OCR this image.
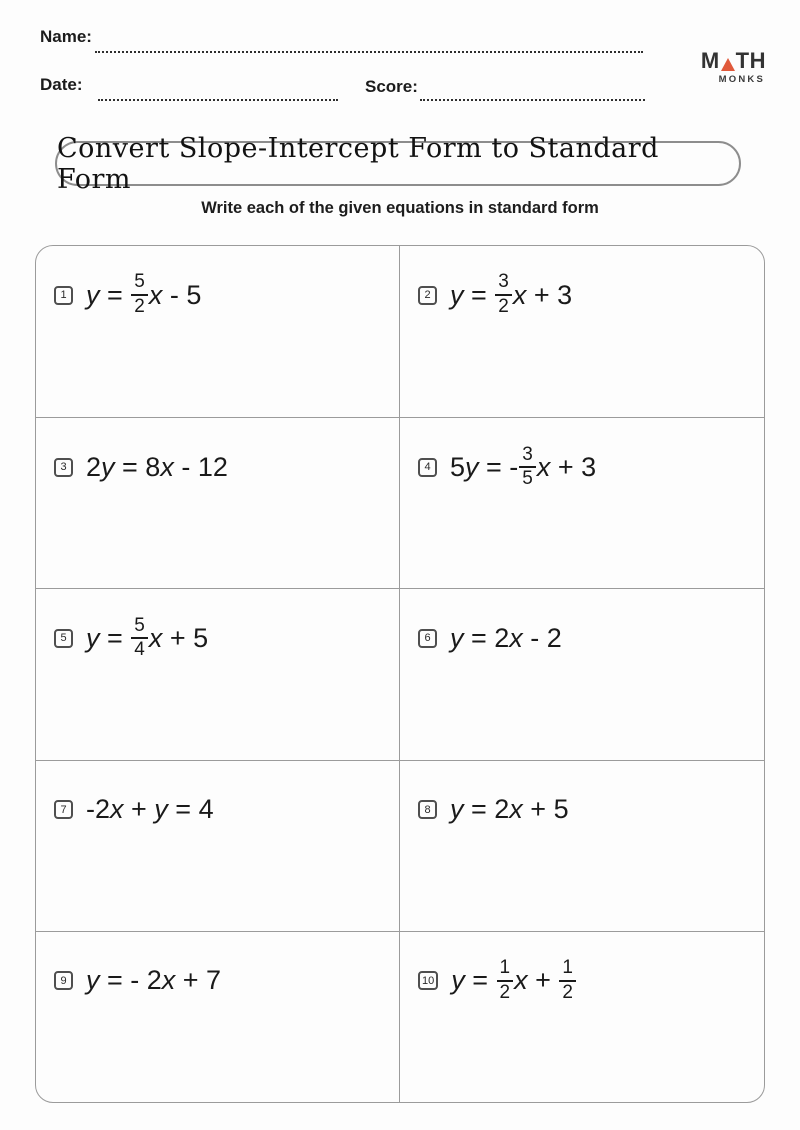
Name:
Date:	Score:
M TH
MONKS
Convert Slope-Intercept Form to Standard Form
Write each of the given equations in standard form
1 $y = \frac{5}{2}$ x - 5	2 $y = \frac{3}{2}$ x + 3
3 2 y = 8 x - 12	4 5 y = - $\frac{3}{5}$ x + 3
5 $y = \frac{5}{4}$ x + 5	6 y = 2 x - 2
7 -2 x + y = 4	8 y = 2 x + 5
9 y = - 2 x + 7	10 $y = \frac{1}{2}$ $x + \frac{1}{2}$
